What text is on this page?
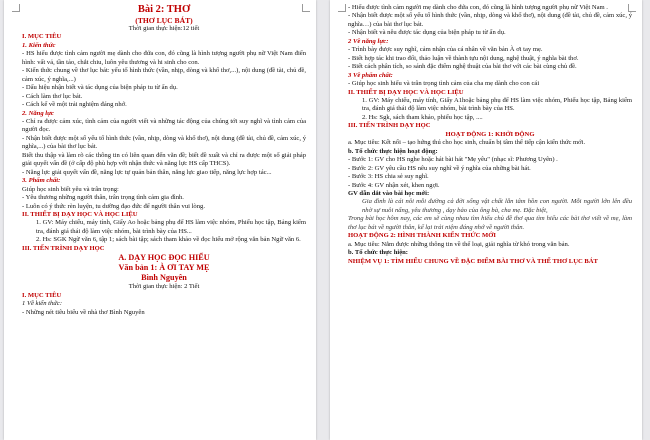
Bài 2: THƠ
(THƠ LỤC BÁT)
Thời gian thực hiện:12 tiết
I. MỤC TIÊU
1. Kiến thức
- HS hiểu được tình cảm người mẹ dành cho đứa con, đó cũng là hình tượng người phụ nữ Việt Nam điển hình: vất vả, tần tảo, chắt chiu, luôn yêu thương và hi sinh cho con.
- Kiến thức chung về thơ lục bát: yếu tố hình thức (vần, nhịp, dòng và khổ thơ,...), nội dung (đề tài, chủ đề, cảm xúc, ý nghĩa,...)
- Dấu hiệu nhận biết và tác dụng của biện pháp tu từ ẩn dụ.
- Cách làm thơ lục bát.
- Cách kể về một trải nghiệm đáng nhớ.
2. Năng lực
- Chỉ ra được cảm xúc, tình cảm của người viết và những tác động của chúng tới suy nghĩ và tình cảm của người đọc.
- Nhận biết được một số yếu tố hình thức (vần, nhịp, dòng và khổ thơ), nội dung (đề tài, chủ đề, cảm xúc, ý nghĩa,...) của bài thơ lục bát.
Biết thu thập và làm rõ các thông tin có liên quan đến văn đề; biết đề xuất và chỉ ra được một số giải pháp giải quyết vấn đề (ở cấp độ phù hợp với nhận thức và năng lực HS cấp THCS).
- Năng lực giải quyết vấn đề, năng lực tự quản bản thân, năng lực giao tiếp, năng lực hợp tác...
3. Phẩm chất:
Giúp học sinh biết yêu và trân trọng:
- Yêu thương những người thân, trân trọng tình cảm gia đình.
- Luôn có ý thức rèn luyện, tu dưỡng đạo đức để người thân vui lòng.
II. THIẾT BỊ DẠY HỌC VÀ HỌC LIỆU
1. GV: Máy chiếu, máy tính, Giấy Ao hoặc bảng phụ để HS làm việc nhóm, Phiếu học tập, Bảng kiểm tra, đánh giá thái độ làm việc nhóm, bài trình bày của HS...
2. Hs: SGK Ngữ văn 6, tập 1; sách bài tập; sách tham khảo về đọc hiểu mở rộng văn bản Ngữ văn 6.
III. TIẾN TRÌNH DẠY HỌC
A. DẠY HỌC ĐỌC HIỂU
Văn bản 1: À ƠI TAY MẸ
Bình Nguyên
Thời gian thực hiện: 2 Tiết
I. MỤC TIÊU
1 Về kiến thức:
- Những nét tiêu biểu về nhà thơ Bình Nguyên
- Hiểu được tình cảm người mẹ dành cho đứa con, đó cũng là hình tượng người phụ nữ Việt Nam .
- Nhận biết được một số yếu tố hình thức (vần, nhịp, dòng và khổ thơ), nội dung (đề tài, chủ đề, cảm xúc, ý nghĩa…) của bài thơ lục bát.
- Nhận biết và nêu được tác dụng của biện pháp tu từ ẩn dụ.
2 Về năng lực:
- Trình bày được suy nghĩ, cảm nhận của cá nhân về văn bản À ơi tay mẹ.
- Biết hợp tác khi trao đổi, thảo luận về thành tựu nội dung, nghệ thuật, ý nghĩa bài thơ.
- Biết cách phân tích, so sánh đặc điểm nghệ thuật của bài thơ với các bài cùng chủ đề.
3 Về phẩm chất:
- Giúp học sinh hiểu và trân trọng tình cảm của cha mẹ dành cho con cái
II. THIẾT BỊ DẠY HỌC VÀ HỌC LIỆU
1. GV: Máy chiếu, máy tính, Giấy A1hoặc bảng phụ để HS làm việc nhóm, Phiếu học tập, Bảng kiểm tra, đánh giá thái độ làm việc nhóm, bài trình bày của HS.
2. Hs: Sgk, sách tham khảo, phiếu học tập, ....
III. TIẾN TRÌNH DẠY HỌC
HOẠT ĐỘNG 1: KHỞI ĐỘNG
a. Mục tiêu: Kết nối – tạo hứng thú cho học sinh, chuẩn bị tâm thế tiếp cận kiến thức mới.
b. Tổ chức thực hiện hoạt động:
- Bước 1: GV cho HS nghe hoặc hát bài hát "Mẹ yêu" (nhạc sĩ: Phương Uyên) .
- Bước 2: GV yêu cầu HS nêu suy nghĩ về ý nghĩa của những bài hát.
- Bước 3: HS chia sẻ suy nghĩ.
- Bước 4: GV nhận xét, khen ngợi.
GV dẫn dắt vào bài học mới:
Gia đình là cái nôi mỗi đường cả đời sống vật chất lẫn tâm hồn con người. Mỗi người lớn lên đều nhờ sự nuôi nấng, yêu thương , dạy bảo của ông bà, cha mẹ. Đặc biệt,
Trong bài học hôm nay, các em sẽ cùng nhau tìm hiểu chủ đề thơ qua tìm hiểu các bài thơ viết về mẹ, làm thơ lục bát về người thân, kể lại trải niệm đáng nhớ về người thân.
HOẠT ĐỘNG 2: HÌNH THÀNH KIẾN THỨC MỚI
a. Mục tiêu: Nắm được những thông tin về thể loại, giải nghĩa từ khó trong văn bản.
b. Tổ chức thực hiện:
NHIỆM VỤ 1: TÌM HIỂU CHUNG VỀ ĐẶC ĐIỂM BÀI THƠ VÀ THỂ THƠ LỤC BÁT
